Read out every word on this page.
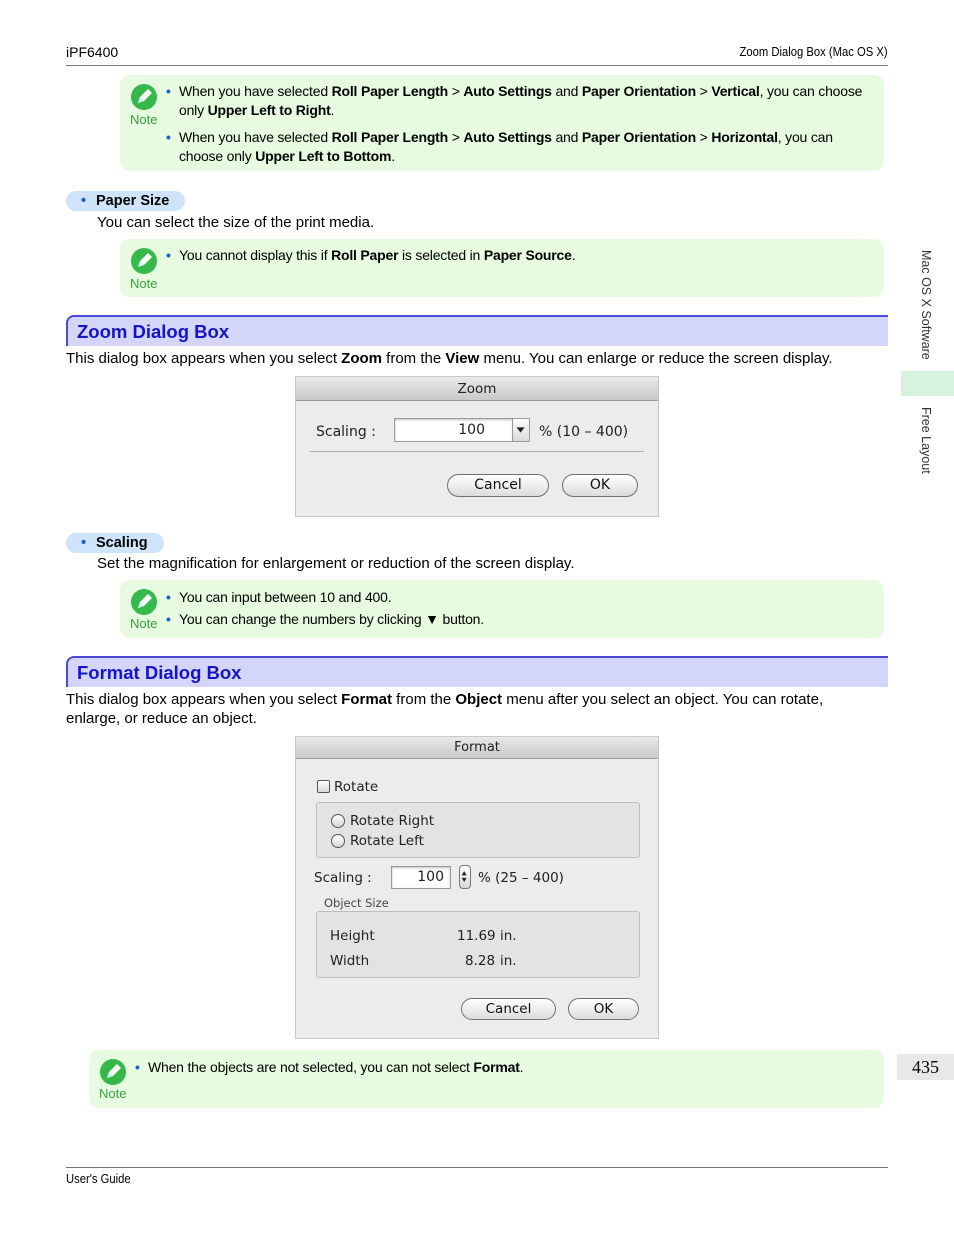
iPF6400	Zoom Dialog Box (Mac OS X)
Note
• When you have selected Roll Paper Length > Auto Settings and Paper Orientation > Vertical, you can choose only Upper Left to Right.
• When you have selected Roll Paper Length > Auto Settings and Paper Orientation > Horizontal, you can choose only Upper Left to Bottom.
• Paper Size
You can select the size of the print media.
Note
• You cannot display this if Roll Paper is selected in Paper Source.
Zoom Dialog Box
This dialog box appears when you select Zoom from the View menu. You can enlarge or reduce the screen display.
Zoom
Scaling :	100	% (10 – 400)
Cancel	OK
• Scaling
Set the magnification for enlargement or reduction of the screen display.
Note
• You can input between 10 and 400.
• You can change the numbers by clicking ▼ button.
Format Dialog Box
This dialog box appears when you select Format from the Object menu after you select an object. You can rotate, enlarge, or reduce an object.
Format
Rotate
Rotate Right
Rotate Left
Scaling :	100	% (25 – 400)
Object Size
Height	11.69 in.
Width	8.28 in.
Cancel	OK
Note
• When the objects are not selected, you can not select Format.
Mac OS X Software
Free Layout
435
User's Guide
